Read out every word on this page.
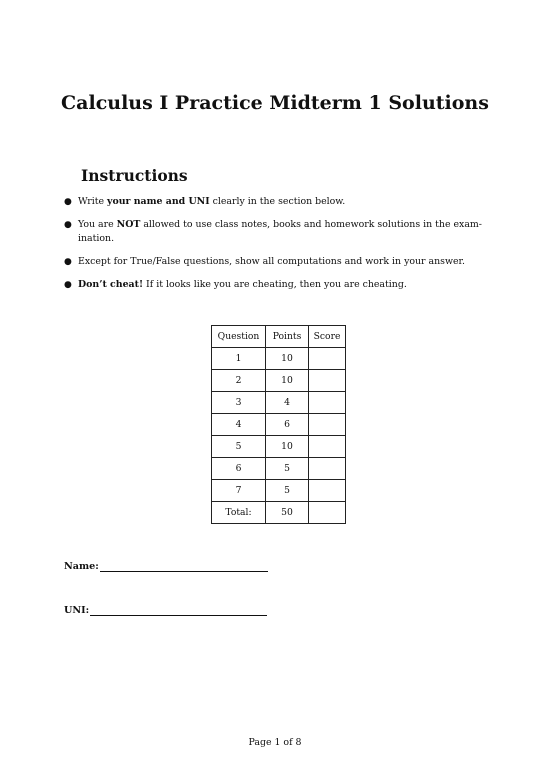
Calculus I Practice Midterm 1 Solutions
Instructions
● Write your name and UNI clearly in the section below.
● You are NOT allowed to use class notes, books and homework solutions in the exam-ination.
● Except for True/False questions, show all computations and work in your answer.
● Don’t cheat! If it looks like you are cheating, then you are cheating.
Question	Points	Score
1	10	
2	10	
3	4	
4	6	
5	10	
6	5	
7	5	
Total:	50	
Name:
UNI:
Page 1 of 8
